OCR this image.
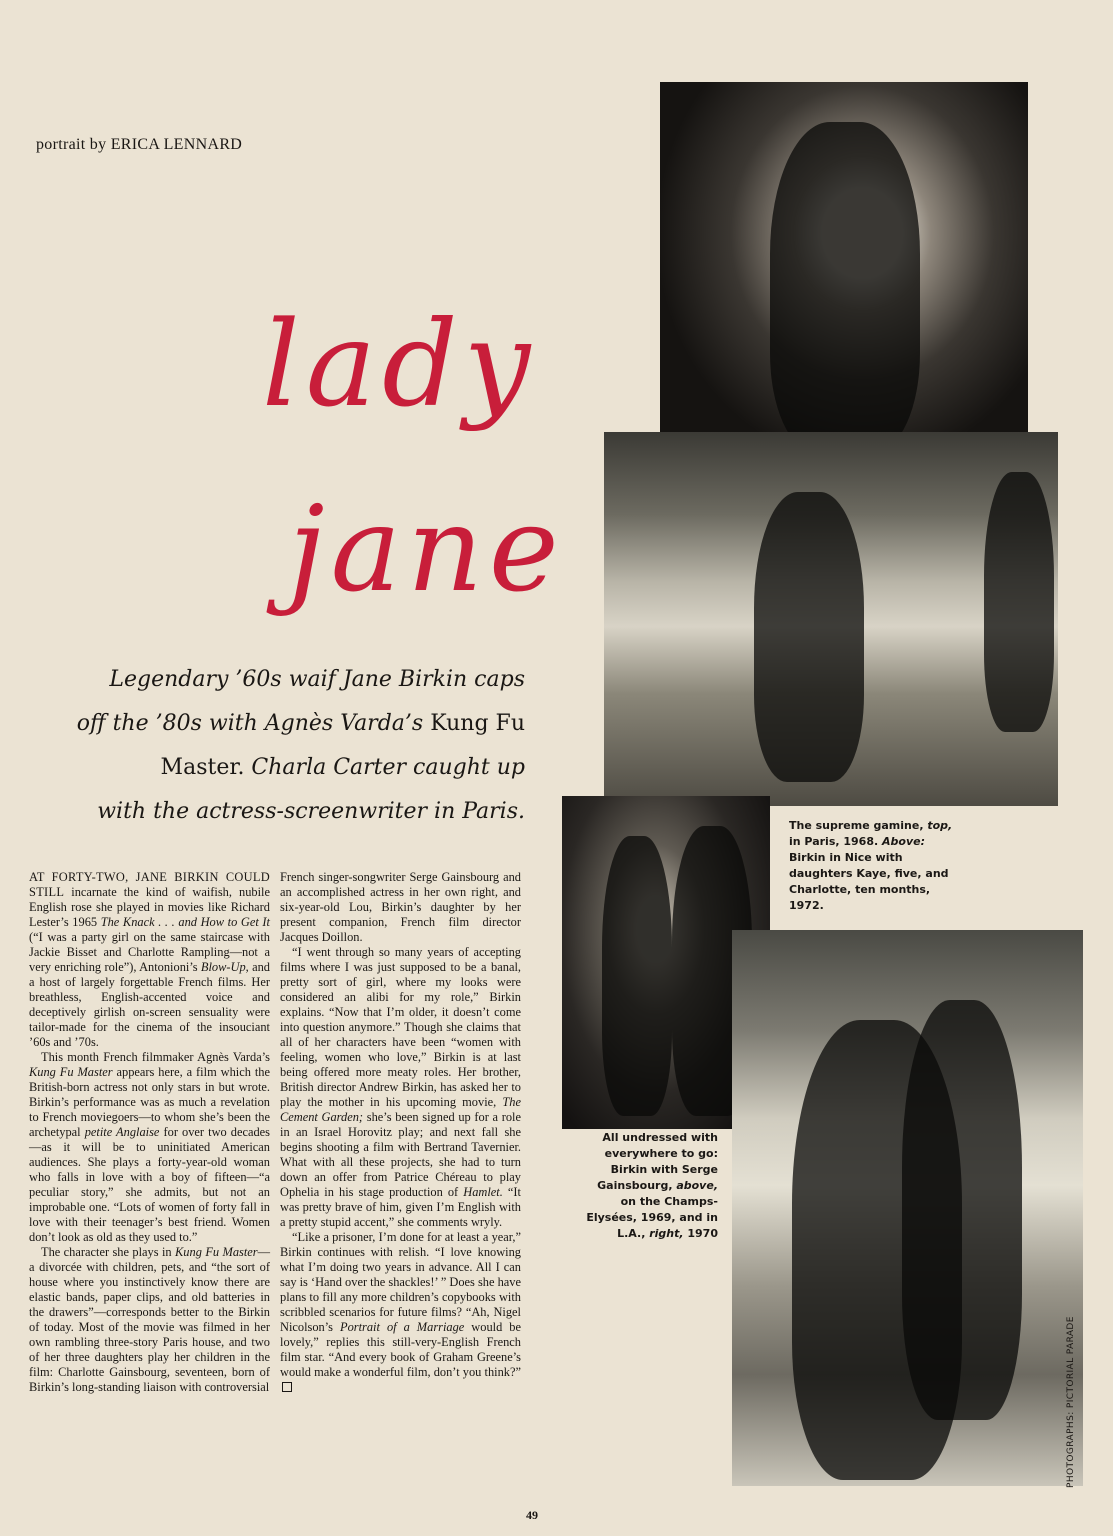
portrait by ERICA LENNARD
lady
jane
Legendary ’60s waif Jane Birkin caps
off the ’80s with Agnès Varda’s Kung Fu
Master. Charla Carter caught up
with the actress-screenwriter in Paris.

AT FORTY-TWO, JANE BIRKIN COULD STILL incarnate the kind of waifish, nubile English rose she played in movies like Richard Lester’s 1965 The Knack . . . and How to Get It (“I was a party girl on the same staircase with Jackie Bisset and Charlotte Rampling—not a very enriching role”), Antonioni’s Blow-Up, and a host of largely forgettable French films. Her breathless, English-accented voice and deceptively girlish on-screen sensuality were tailor-made for the cinema of the insouciant ’60s and ’70s.

This month French filmmaker Agnès Varda’s Kung Fu Master appears here, a film which the British-born actress not only stars in but wrote. Birkin’s performance was as much a revelation to French moviegoers—to whom she’s been the archetypal petite Anglaise for over two decades—as it will be to uninitiated American audiences. She plays a forty-year-old woman who falls in love with a boy of fifteen—“a peculiar story,” she admits, but not an improbable one. “Lots of women of forty fall in love with their teenager’s best friend. Women don’t look as old as they used to.”

The character she plays in Kung Fu Master—a divorcée with children, pets, and “the sort of house where you instinctively know there are elastic bands, paper clips, and old batteries in the drawers”—corresponds better to the Birkin of today. Most of the movie was filmed in her own rambling three-story Paris house, and two of her three daughters play her children in the film: Charlotte Gainsbourg, seventeen, born of Birkin’s long-standing liaison with controversial

French singer-songwriter Serge Gainsbourg and an accomplished actress in her own right, and six-year-old Lou, Birkin’s daughter by her present companion, French film director Jacques Doillon.

“I went through so many years of accepting films where I was just supposed to be a banal, pretty sort of girl, where my looks were considered an alibi for my role,” Birkin explains. “Now that I’m older, it doesn’t come into question anymore.” Though she claims that all of her characters have been “women with feeling, women who love,” Birkin is at last being offered more meaty roles. Her brother, British director Andrew Birkin, has asked her to play the mother in his upcoming movie, The Cement Garden; she’s been signed up for a role in an Israel Horovitz play; and next fall she begins shooting a film with Bertrand Tavernier. What with all these projects, she had to turn down an offer from Patrice Chéreau to play Ophelia in his stage production of Hamlet. “It was pretty brave of him, given I’m English with a pretty stupid accent,” she comments wryly.

“Like a prisoner, I’m done for at least a year,” Birkin continues with relish. “I love knowing what I’m doing two years in advance. All I can say is ‘Hand over the shackles!’ ” Does she have plans to fill any more children’s copybooks with scribbled scenarios for future films? “Ah, Nigel Nicolson’s Portrait of a Marriage would be lovely,” replies this still-very-English French film star. “And every book of Graham Greene’s would make a wonderful film, don’t you think?”

The supreme gamine, top, in Paris, 1968. Above: Birkin in Nice with daughters Kaye, five, and Charlotte, ten months, 1972.
All undressed with everywhere to go: Birkin with Serge Gainsbourg, above, on the Champs-Elysées, 1969, and in L.A., right, 1970
PHOTOGRAPHS: PICTORIAL PARADE
49
